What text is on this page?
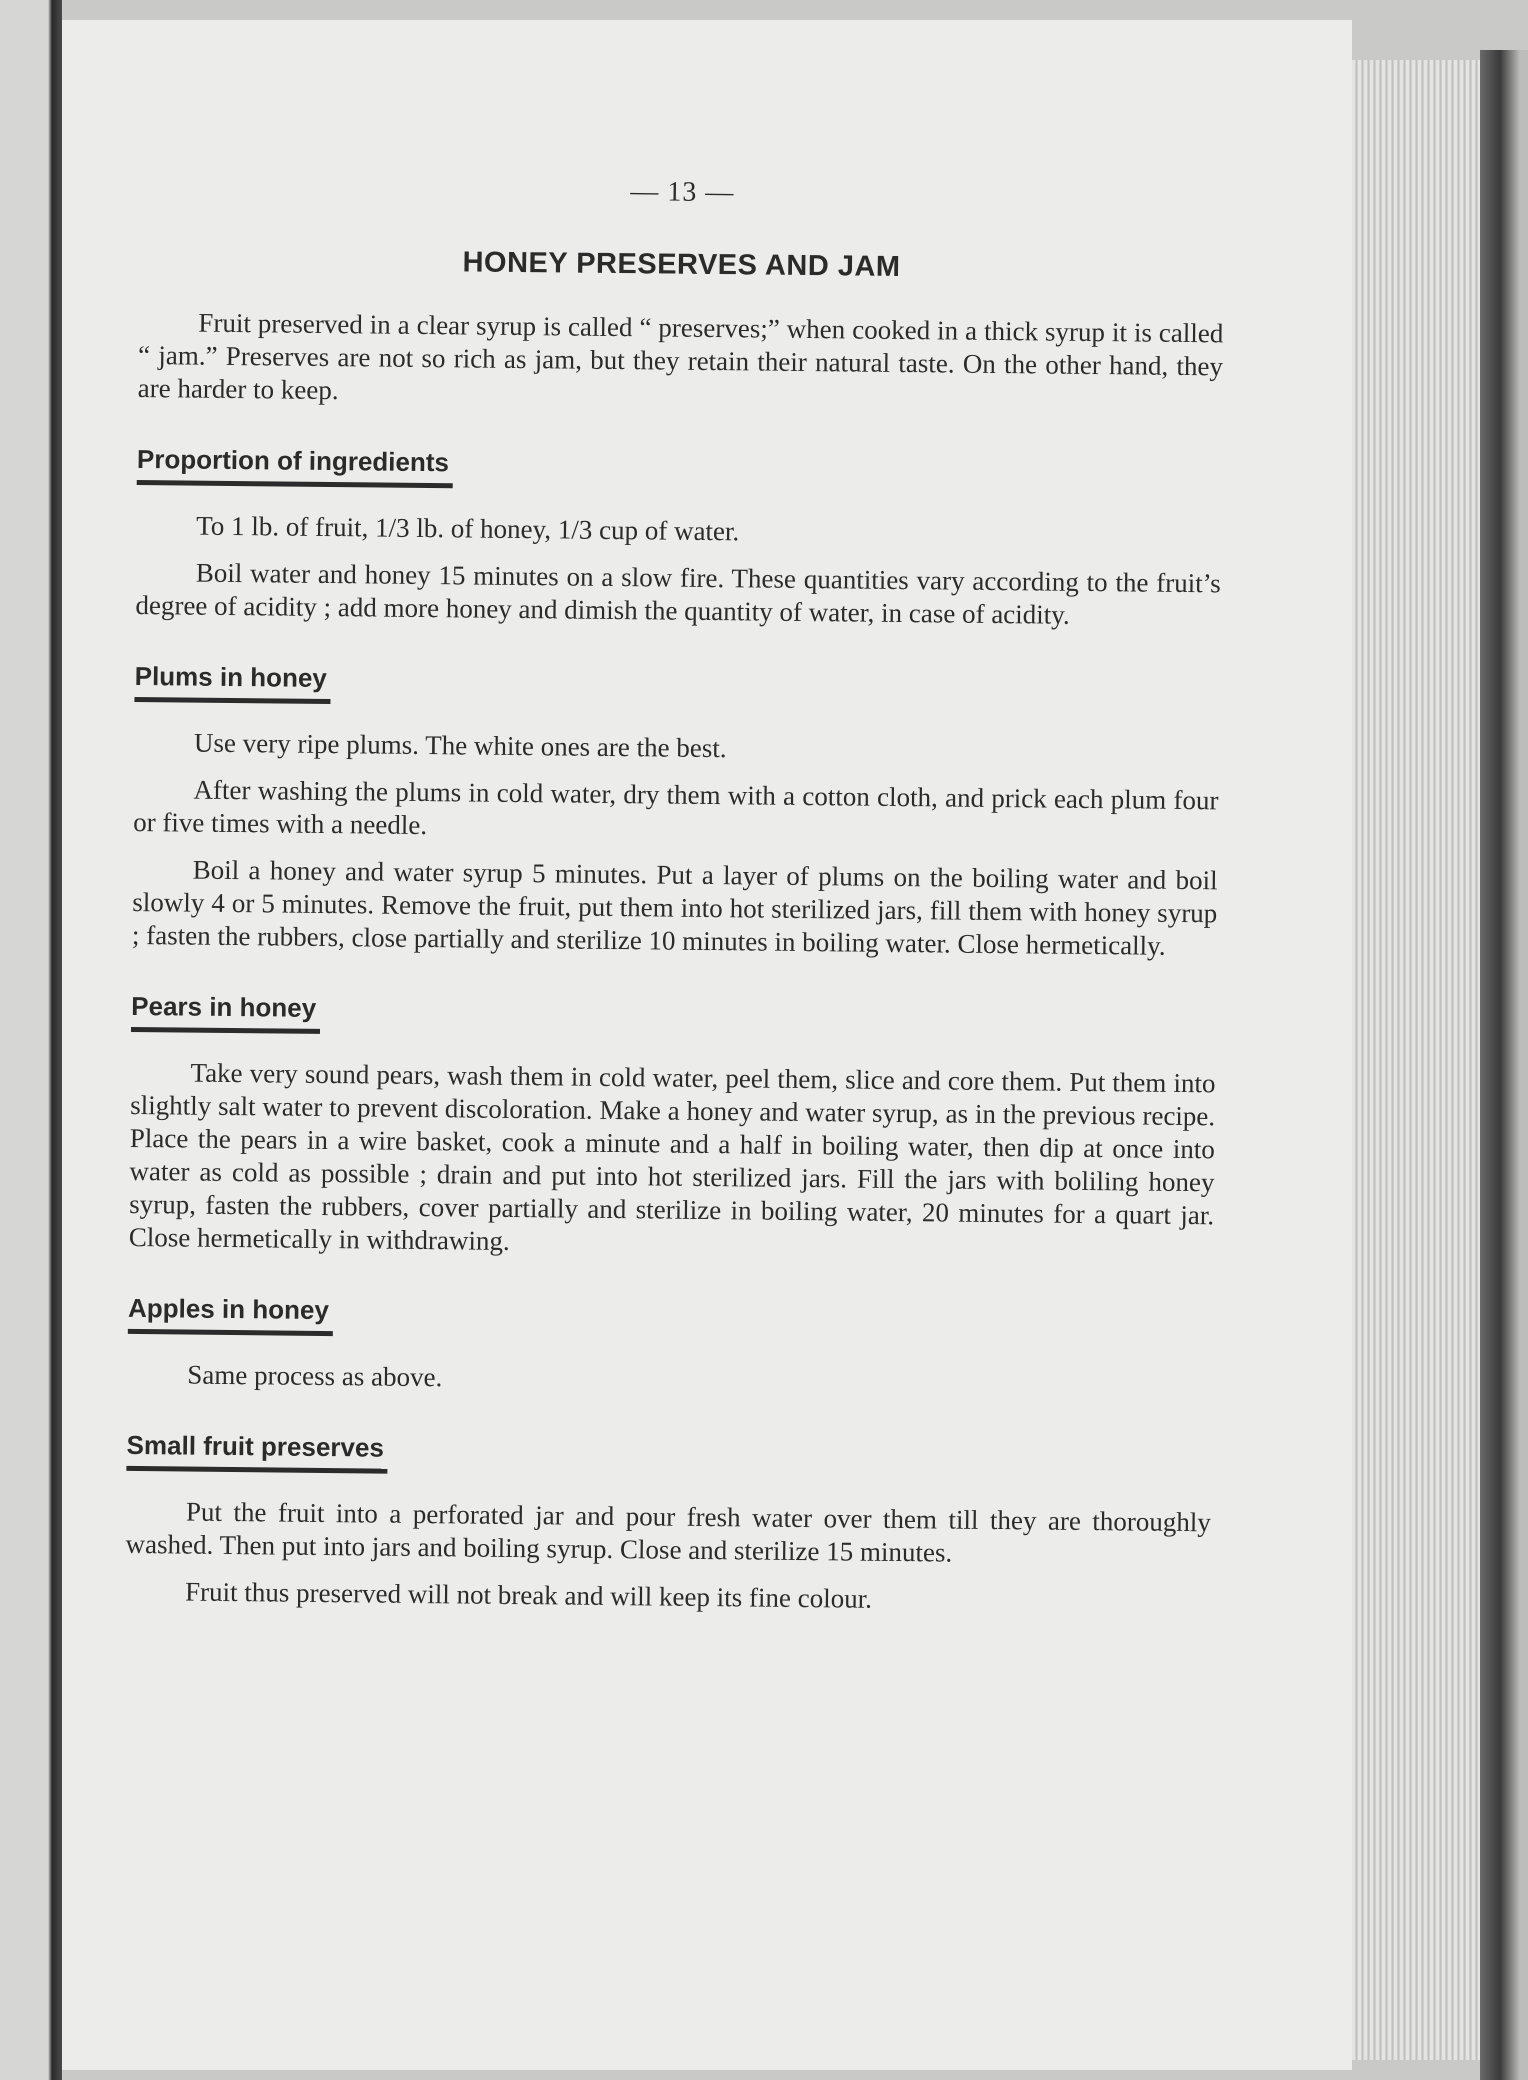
— 13 —
HONEY PRESERVES AND JAM

Fruit preserved in a clear syrup is called “ preserves;” when cooked in a thick syrup it is called “ jam.” Preserves are not so rich as jam, but they retain their natural taste. On the other hand, they are harder to keep.

Proportion of ingredients

To 1 lb. of fruit, 1/3 lb. of honey, 1/3 cup of water.

Boil water and honey 15 minutes on a slow fire. These quantities vary according to the fruit’s degree of acidity ; add more honey and dimish the quantity of water, in case of acidity.

Plums in honey

Use very ripe plums. The white ones are the best.

After washing the plums in cold water, dry them with a cotton cloth, and prick each plum four or five times with a needle.

Boil a honey and water syrup 5 minutes. Put a layer of plums on the boiling water and boil slowly 4 or 5 minutes. Remove the fruit, put them into hot sterilized jars, fill them with honey syrup ; fasten the rubbers, close partially and sterilize 10 minutes in boiling water. Close hermetically.

Pears in honey

Take very sound pears, wash them in cold water, peel them, slice and core them. Put them into slightly salt water to prevent discoloration. Make a honey and water syrup, as in the previous recipe. Place the pears in a wire basket, cook a minute and a half in boiling water, then dip at once into water as cold as possible ; drain and put into hot sterilized jars. Fill the jars with boliling honey syrup, fasten the rubbers, cover partially and sterilize in boiling water, 20 minutes for a quart jar. Close hermetically in withdrawing.

Apples in honey

Same process as above.

Small fruit preserves

Put the fruit into a perforated jar and pour fresh water over them till they are thoroughly washed. Then put into jars and boiling syrup. Close and sterilize 15 minutes.

Fruit thus preserved will not break and will keep its fine colour.
